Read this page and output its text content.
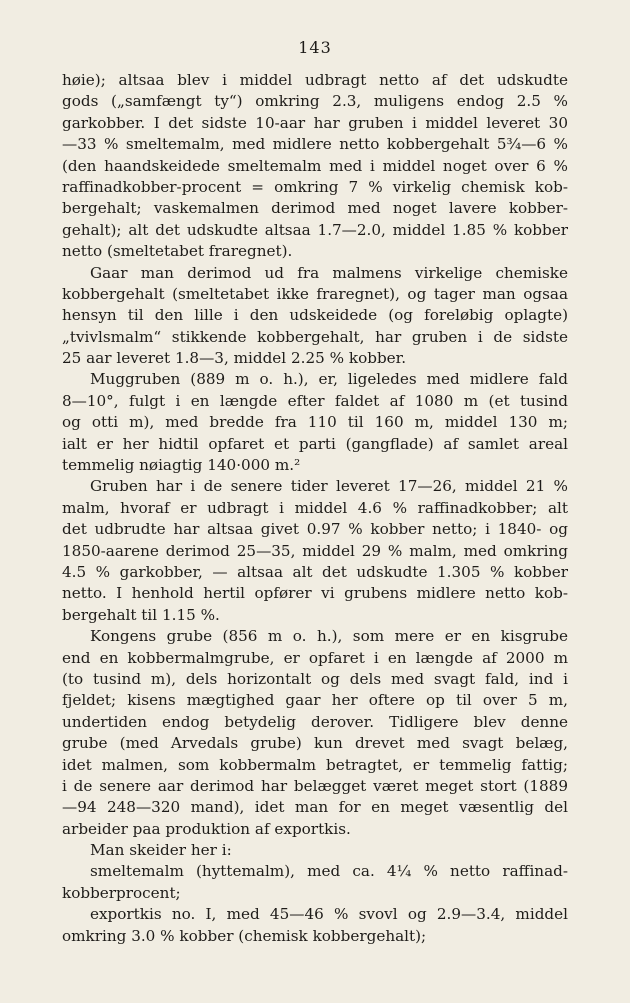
143
høie); altsaa blev i middel udbragt netto af det udskudte
gods („samfængt ty“) omkring 2.3, muligens endog 2.5 %
garkobber. I det sidste 10-aar har gruben i middel leveret 30
—33 % smeltemalm, med midlere netto kobbergehalt 5¾—6 %
(den haandskeidede smeltemalm med i middel noget over 6 %
raffinadkobber-procent = omkring 7 % virkelig chemisk kob-
bergehalt; vaskemalmen derimod med noget lavere kobber-
gehalt); alt det udskudte altsaa 1.7—2.0, middel 1.85 % kobber
netto (smeltetabet fraregnet).
Gaar man derimod ud fra malmens virkelige chemiske
kobbergehalt (smeltetabet ikke fraregnet), og tager man ogsaa
hensyn til den lille i den udskeidede (og foreløbig oplagte)
„tvivlsmalm“ stikkende kobbergehalt, har gruben i de sidste
25 aar leveret 1.8—3, middel 2.25 % kobber.
Muggruben (889 m o. h.), er, ligeledes med midlere fald
8—10°, fulgt i en længde efter faldet af 1080 m (et tusind
og otti m), med bredde fra 110 til 160 m, middel 130 m;
ialt er her hidtil opfaret et parti (gangflade) af samlet areal
temmelig nøiagtig 140·000 m.²
Gruben har i de senere tider leveret 17—26, middel 21 %
malm, hvoraf er udbragt i middel 4.6 % raffinadkobber; alt
det udbrudte har altsaa givet 0.97 % kobber netto; i 1840- og
1850-aarene derimod 25—35, middel 29 % malm, med omkring
4.5 % garkobber, — altsaa alt det udskudte 1.305 % kobber
netto. I henhold hertil opfører vi grubens midlere netto kob-
bergehalt til 1.15 %.
Kongens grube (856 m o. h.), som mere er en kisgrube
end en kobbermalmgrube, er opfaret i en længde af 2000 m
(to tusind m), dels horizontalt og dels med svagt fald, ind i
fjeldet; kisens mægtighed gaar her oftere op til over 5 m,
undertiden endog betydelig derover. Tidligere blev denne
grube (med Arvedals grube) kun drevet med svagt belæg,
idet malmen, som kobbermalm betragtet, er temmelig fattig;
i de senere aar derimod har belægget været meget stort (1889
—94 248—320 mand), idet man for en meget væsentlig del
arbeider paa produktion af exportkis.
Man skeider her i:
smeltemalm (hyttemalm), med ca. 4¼ % netto raffinad-
kobberprocent;
exportkis no. I, med 45—46 % svovl og 2.9—3.4, middel
omkring 3.0 % kobber (chemisk kobbergehalt);
